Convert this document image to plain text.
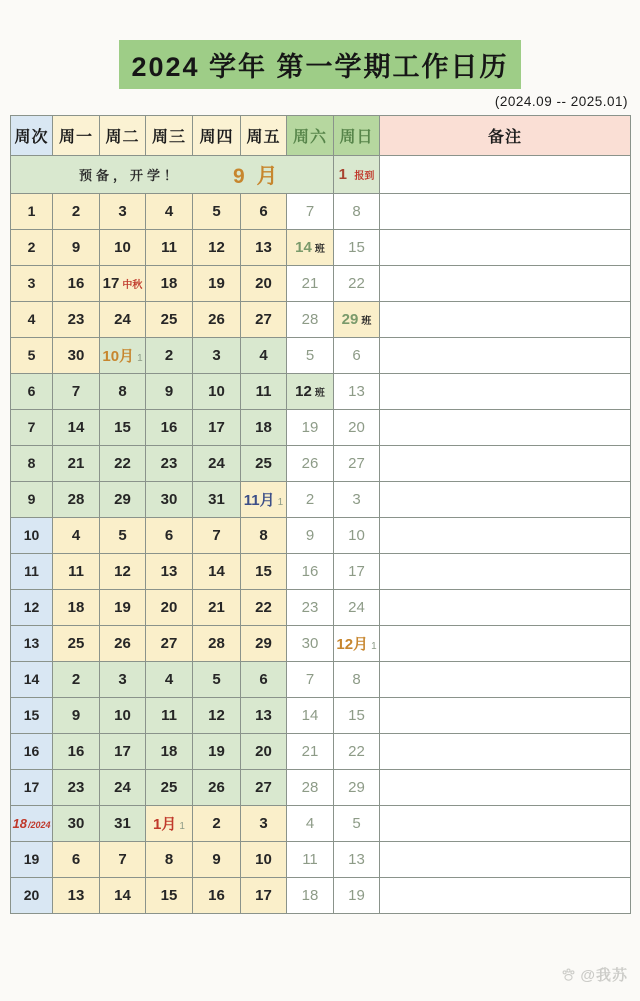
2024 学年 第一学期工作日历
(2024.09 -- 2025.01)
周次	周一	周二	周三	周四	周五	周六	周日	备注

预备，开学！ 9 月							1 报到	
1	2	3	4	5	6	7	8	
2	9	10	11	12	13	14 班	15	
3	16	17 中秋	18	19	20	21	22	
4	23	24	25	26	27	28	29 班	
5	30	10月 1	2	3	4	5	6	
6	7	8	9	10	11	12 班	13	
7	14	15	16	17	18	19	20	
8	21	22	23	24	25	26	27	
9	28	29	30	31	11月 1	2	3	
10	4	5	6	7	8	9	10	
11	11	12	13	14	15	16	17	
12	18	19	20	21	22	23	24	
13	25	26	27	28	29	30	12月 1	
14	2	3	4	5	6	7	8	
15	9	10	11	12	13	14	15	
16	16	17	18	19	20	21	22	
17	23	24	25	26	27	28	29	
18/2024	30	31	1月 1	2	3	4	5	
19	6	7	8	9	10	11	13	
20	13	14	15	16	17	18	19	
@我苏
